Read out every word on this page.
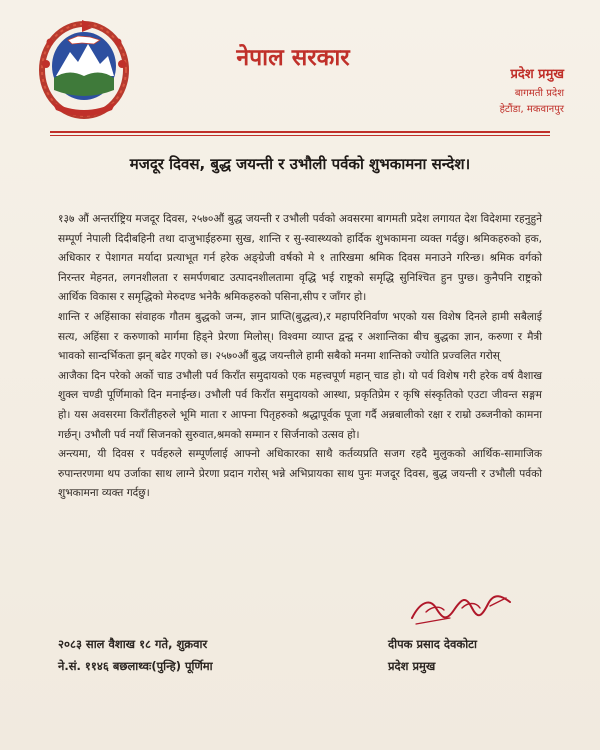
नेपाल सरकार
प्रदेश प्रमुख
बागमती प्रदेश
हेटौंडा, मकवानपुर
मजदूर दिवस, बुद्ध जयन्ती र उभौली पर्वको शुभकामना सन्देश।

१३७ औं अन्तर्राष्ट्रिय मजदूर दिवस, २५७०औं बुद्ध जयन्ती र उभौली पर्वको अवसरमा बागमती प्रदेश लगायत देश विदेशमा रहनुहुने सम्पूर्ण नेपाली दिदीबहिनी तथा दाजुभाईहरुमा सुख, शान्ति र सु-स्वास्थ्यको हार्दिक शुभकामना व्यक्त गर्दछु। श्रमिकहरुको हक, अधिकार र पेशागत मर्यादा प्रत्याभूत गर्न हरेक अङ्ग्रेजी वर्षको मे १ तारिखमा श्रमिक दिवस मनाउने गरिन्छ। श्रमिक वर्गको निरन्तर मेहनत, लगनशीलता र समर्पणबाट उत्पादनशीलतामा वृद्धि भई राष्ट्रको समृद्धि सुनिश्चित हुन पुग्छ। कुनैपनि राष्ट्रको आर्थिक विकास र समृद्धिको मेरुदण्ड भनेकै श्रमिकहरुको पसिना,सीप र जाँगर हो।

शान्ति र अहिंसाका संवाहक गौतम बुद्धको जन्म, ज्ञान प्राप्ति(बुद्धत्व),र महापरिनिर्वाण भएको यस विशेष दिनले हामी सबैलाई सत्य, अहिंसा र करुणाको मार्गमा हिड्ने प्रेरणा मिलोस्। विश्वमा व्याप्त द्वन्द्व र अशान्तिका बीच बुद्धका ज्ञान, करुणा र मैत्री भावको सान्दर्भिकता झन् बढेर गएको छ। २५७०औं बुद्ध जयन्तीले हामी सबैको मनमा शान्तिको ज्योति प्रज्वलित गरोस्

आजैका दिन परेको अर्को चाड उभौली पर्व किराँत समुदायको एक महत्त्वपूर्ण महान् चाड हो। यो पर्व विशेष गरी हरेक वर्ष वैशाख शुक्ल चण्डी पूर्णिमाको दिन मनाईन्छ। उभौली पर्व किराँत समुदायको आस्था, प्रकृतिप्रेम र कृषि संस्कृतिको एउटा जीवन्त सङ्गम हो। यस अवसरमा किराँतीहरुले भूमि माता र आफ्ना पितृहरुको श्रद्धापूर्वक पूजा गर्दै अन्नबालीको रक्षा र राम्रो उब्जनीको कामना गर्छन्। उभौली पर्व नयाँ सिजनको सुरुवात,श्रमको सम्मान र सिर्जनाको उत्सव हो।

अन्त्यमा, यी दिवस र पर्वहरुले सम्पूर्णलाई आफ्नो अधिकारका साथै कर्तव्यप्रति सजग रहदै मुलुकको आर्थिक-सामाजिक रुपान्तरणमा थप उर्जाका साथ लाग्ने प्रेरणा प्रदान गरोस् भन्ने अभिप्रायका साथ पुनः मजदूर दिवस, बुद्ध जयन्ती र उभौली पर्वको शुभकामना व्यक्त गर्दछु।

२०८३ साल वैशाख १८ गते, शुक्रवार
ने.सं. ११४६ बछलाथ्वः(पुन्हि) पूर्णिमा
दीपक प्रसाद देवकोटा
प्रदेश प्रमुख
